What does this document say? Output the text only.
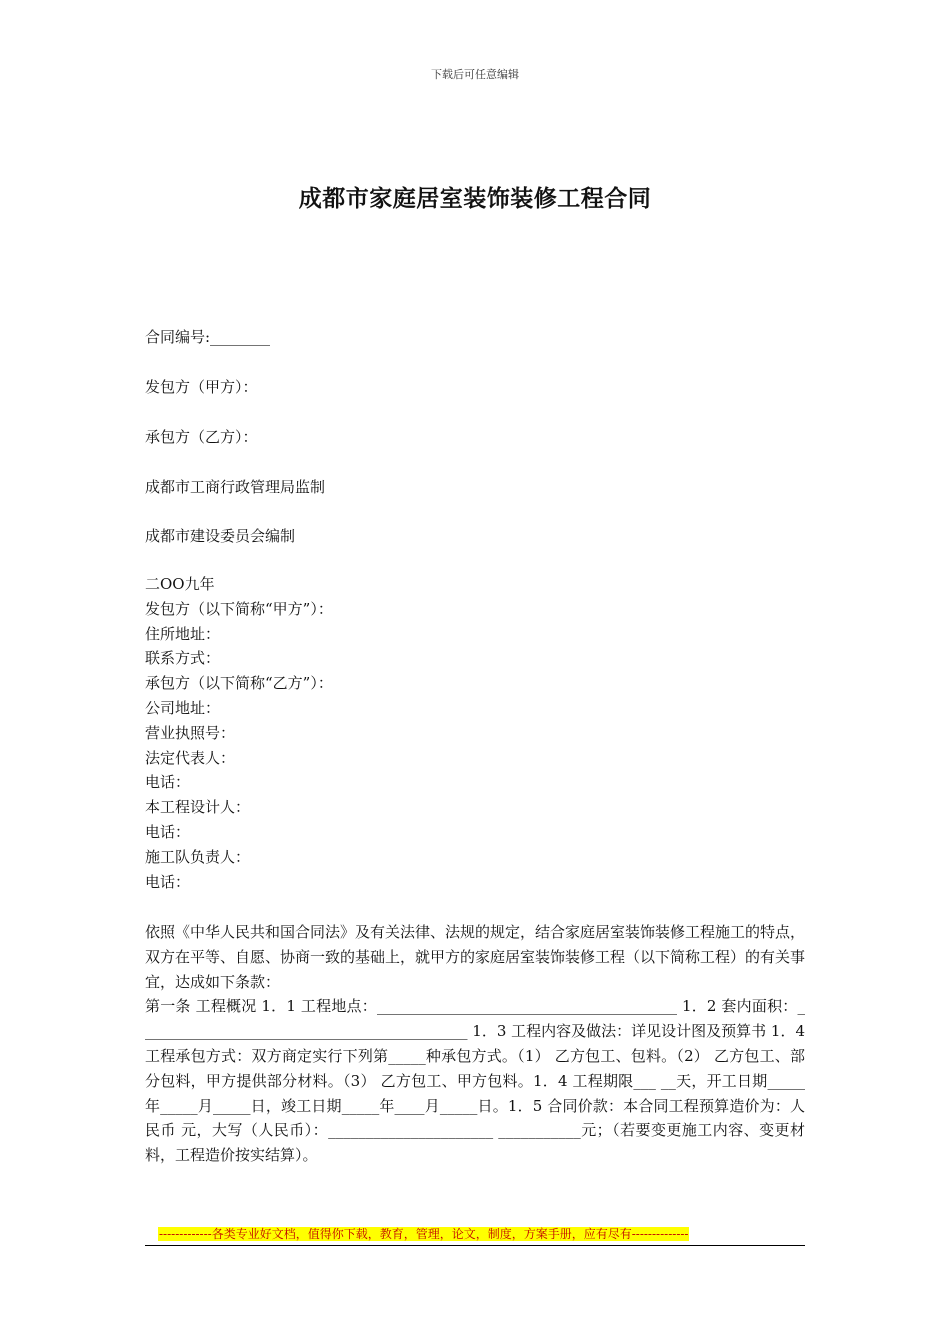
下载后可任意编辑
成都市家庭居室装饰装修工程合同
合同编号:________
发包方（甲方）：
承包方（乙方）：
成都市工商行政管理局监制
成都市建设委员会编制
二OO九年
发包方（以下简称“甲方”）：
住所地址：
联系方式：
承包方（以下简称“乙方”）：
公司地址：
营业执照号：
法定代表人：
电话：
本工程设计人：
电话：
施工队负责人：
电话：

依照《中华人民共和国合同法》及有关法律、法规的规定，结合家庭居室装饰装修工程施工的特点，双方在平等、自愿、协商一致的基础上，就甲方的家庭居室装饰装修工程（以下简称工程）的有关事宜，达成如下条款：

第一条 工程概况 1．1 工程地点：________________________________________ 1．2 套内面积：____________________________________________ 1．3 工程内容及做法：详见设计图及预算书 1．4 工程承包方式：双方商定实行下列第_____种承包方式。（1） 乙方包工、包料。（2） 乙方包工、部分包料，甲方提供部分材料。（3） 乙方包工、甲方包料。1．4 工程期限___ __天，开工日期_____年_____月_____日，竣工日期_____年____月_____日。1．5 合同价款：本合同工程预算造价为：人民币 元，大写（人民币）：______________________ ___________元；（若要变更施工内容、变更材料，工程造价按实结算）。

-------------各类专业好文档，值得你下载，教育，管理，论文，制度，方案手册，应有尽有--------------
